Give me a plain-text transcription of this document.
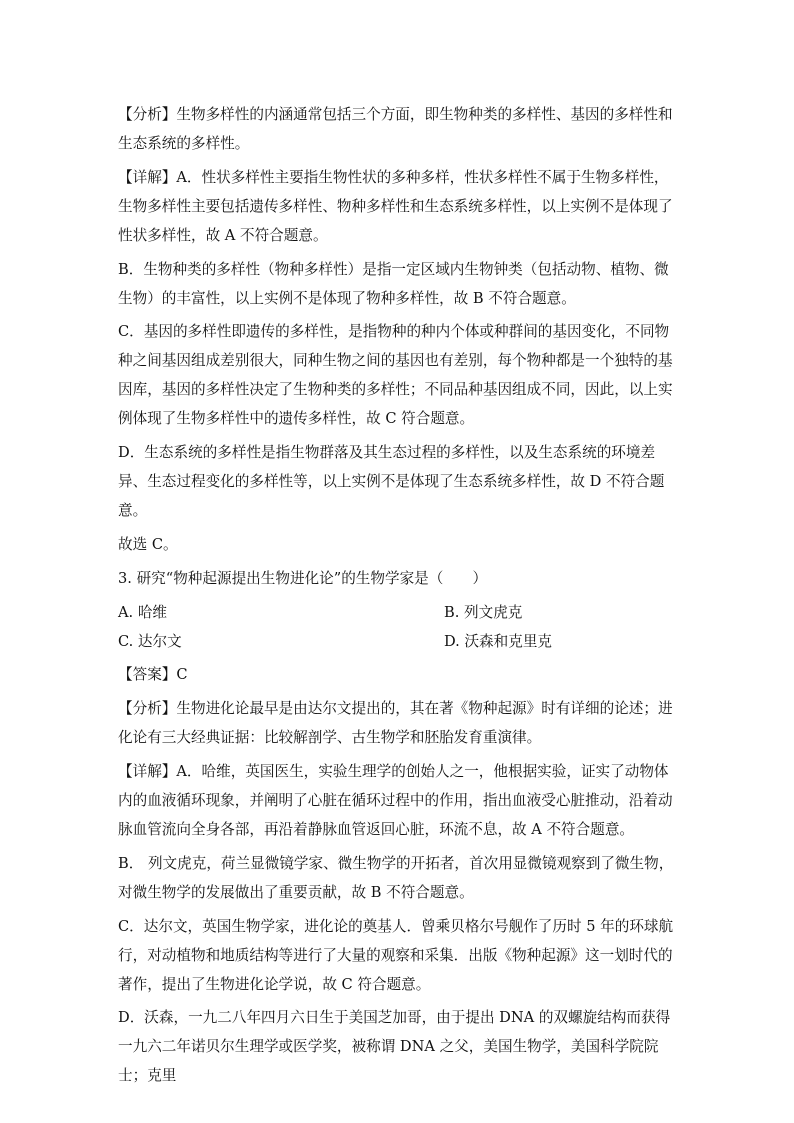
【分析】生物多样性的内涵通常包括三个方面，即生物种类的多样性、基因的多样性和生态系统的多样性。

【详解】A．性状多样性主要指生物性状的多种多样，性状多样性不属于生物多样性，生物多样性主要包括遗传多样性、物种多样性和生态系统多样性，以上实例不是体现了性状多样性，故 A 不符合题意。

B．生物种类的多样性（物种多样性）是指一定区域内生物钟类（包括动物、植物、微生物）的丰富性，以上实例不是体现了物种多样性，故 B 不符合题意。

C．基因的多样性即遗传的多样性，是指物种的种内个体或种群间的基因变化，不同物种之间基因组成差别很大，同种生物之间的基因也有差别，每个物种都是一个独特的基因库，基因的多样性决定了生物种类的多样性；不同品种基因组成不同，因此，以上实例体现了生物多样性中的遗传多样性，故 C 符合题意。

D．生态系统的多样性是指生物群落及其生态过程的多样性，以及生态系统的环境差异、生态过程变化的多样性等，以上实例不是体现了生态系统多样性，故 D 不符合题意。

故选 C。

3. 研究“物种起源提出生物进化论”的生物学家是（　　）

A. 哈维	B. 列文虎克
C. 达尔文	D. 沃森和克里克

【答案】C

【分析】生物进化论最早是由达尔文提出的，其在著《物种起源》时有详细的论述；进化论有三大经典证据：比较解剖学、古生物学和胚胎发育重演律。

【详解】A．哈维，英国医生，实验生理学的创始人之一，他根据实验，证实了动物体内的血液循环现象，并阐明了心脏在循环过程中的作用，指出血液受心脏推动，沿着动脉血管流向全身各部，再沿着静脉血管返回心脏，环流不息，故 A 不符合题意。

B． 列文虎克，荷兰显微镜学家、微生物学的开拓者，首次用显微镜观察到了微生物，对微生物学的发展做出了重要贡献，故 B 不符合题意。

C．达尔文，英国生物学家，进化论的奠基人．曾乘贝格尔号舰作了历时 5 年的环球航行，对动植物和地质结构等进行了大量的观察和采集．出版《物种起源》这一划时代的著作，提出了生物进化论学说，故 C 符合题意。

D．沃森，一九二八年四月六日生于美国芝加哥，由于提出 DNA 的双螺旋结构而获得一九六二年诺贝尔生理学或医学奖，被称谓 DNA 之父，美国生物学，美国科学院院士；克里
